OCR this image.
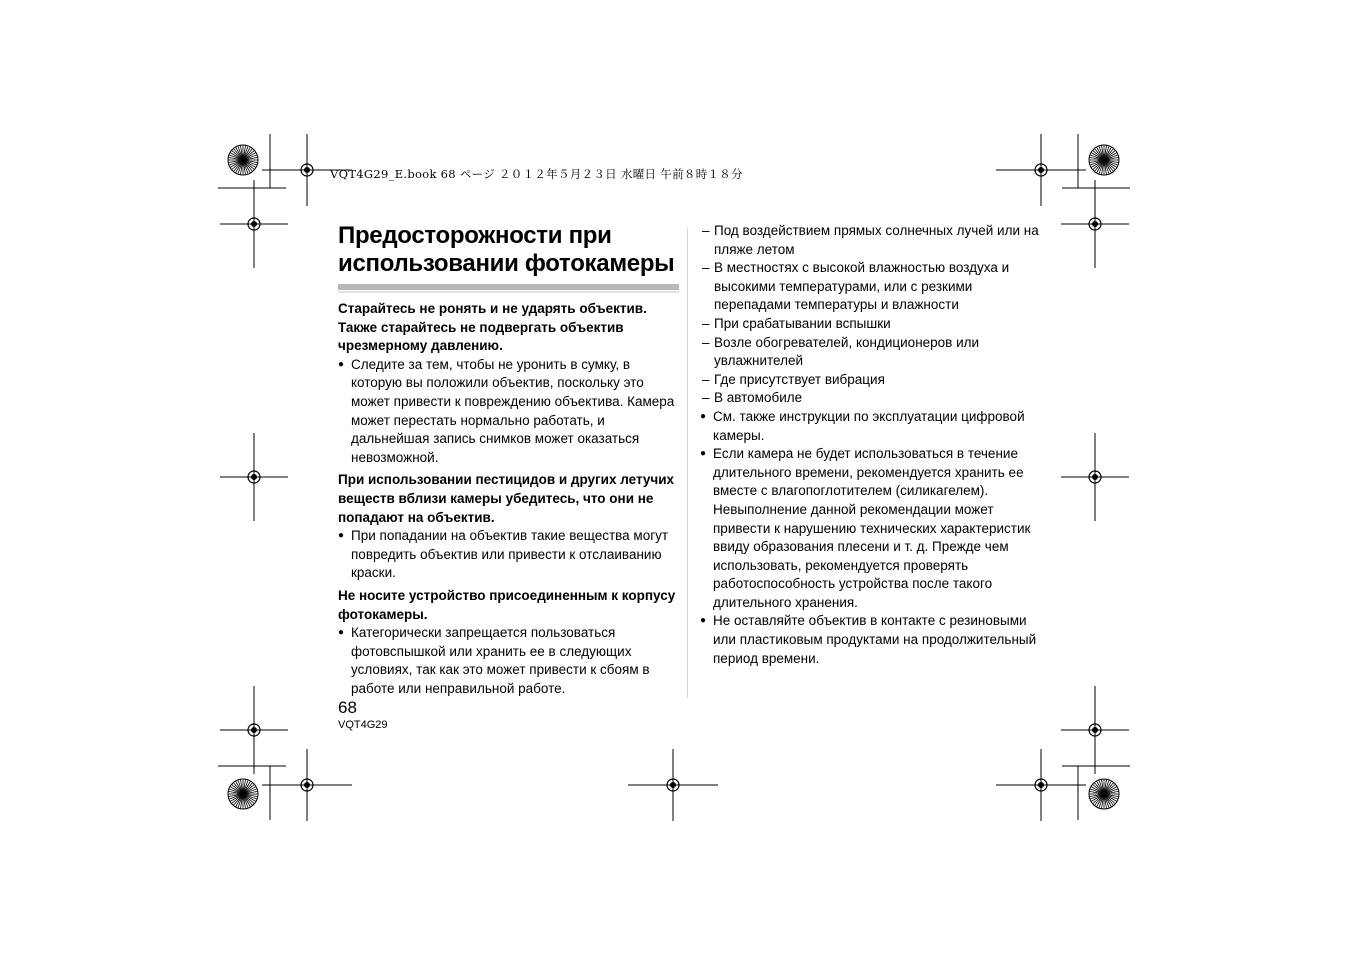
VQT4G29_E.book 68 ページ ２０１２年５月２３日 水曜日 午前８時１８分
Предосторожности при
использовании фотокамеры

Старайтесь не ронять и не ударять объектив. Также старайтесь не подвергать объектив чрезмерному давлению.

● Следите за тем, чтобы не уронить в сумку, в которую вы положили объектив, поскольку это может привести к повреждению объектива. Камера может перестать нормально работать, и дальнейшая запись снимков может оказаться невозможной.

При использовании пестицидов и других летучих веществ вблизи камеры убедитесь, что они не попадают на объектив.

● При попадании на объектив такие вещества могут повредить объектив или привести к отслаиванию краски.

Не носите устройство присоединенным к корпусу фотокамеры.

● Категорически запрещается пользоваться фотовспышкой или хранить ее в следующих условиях, так как это может привести к сбоям в работе или неправильной работе.
– Под воздействием прямых солнечных лучей или на пляже летом
– В местностях с высокой влажностью воздуха и высокими температурами, или с резкими перепадами температуры и влажности
– При срабатывании вспышки
– Возле обогревателей, кондиционеров или увлажнителей
– Где присутствует вибрация
– В автомобиле
● См. также инструкции по эксплуатации цифровой камеры.
● Если камера не будет использоваться в течение длительного времени, рекомендуется хранить ее вместе с влагопоглотителем (силикагелем). Невыполнение данной рекомендации может привести к нарушению технических характеристик ввиду образования плесени и т. д. Прежде чем использовать, рекомендуется проверять работоспособность устройства после такого длительного хранения.
● Не оставляйте объектив в контакте с резиновыми или пластиковым продуктами на продолжительный период времени.
68
VQT4G29
